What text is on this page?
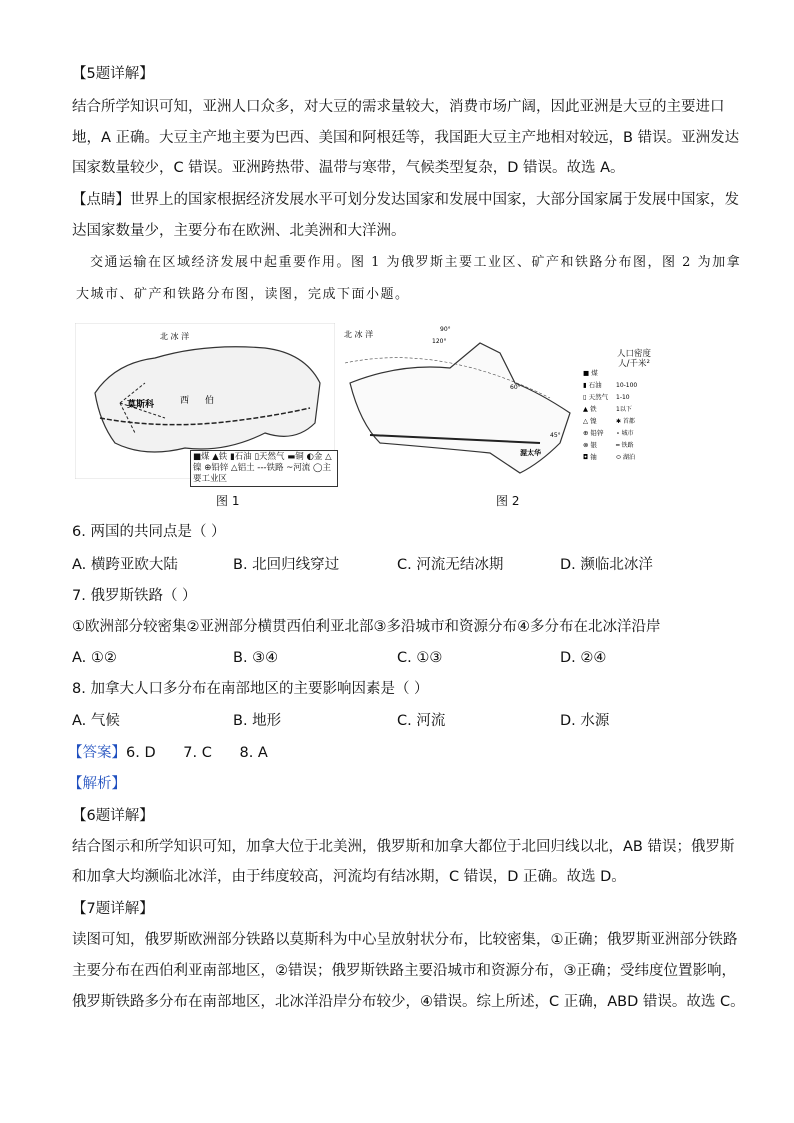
【5题详解】
结合所学知识可知，亚洲人口众多，对大豆的需求量较大，消费市场广阔，因此亚洲是大豆的主要进口
地，A 正确。大豆主产地主要为巴西、美国和阿根廷等，我国距大豆主产地相对较远，B 错误。亚洲发达
国家数量较少，C 错误。亚洲跨热带、温带与寒带，气候类型复杂，D 错误。故选 A。
【点睛】世界上的国家根据经济发展水平可划分发达国家和发展中国家，大部分国家属于发展中国家，发
达国家数量少，主要分布在欧洲、北美洲和大洋洲。
交通运输在区域经济发展中起重要作用。图 1 为俄罗斯主要工业区、矿产和铁路分布图，图 2 为加拿
大城市、矿产和铁路分布图，读图，完成下面小题。
北 冰 洋
莫斯科	西 伯
■煤 ▲铁 ▮石油 ▯天然气 ▬铜 ◐金 △镍 ⊕铅锌 △铝土 ---铁路 ~河流 ◯主要工业区
图 1
北 冰 洋
渥太华
60°
45°
90°
120°
■ 煤
▮ 石油
▯ 天然气
▲ 铁
△ 镍
⊕ 铅锌
⊗ 银
◘ 铀
10-100
1-10
1以下
✱ 首都
∘ 城市
━ 铁路
⬭ 湖泊
人口密度 人/千米²
图 2
6. 两国的共同点是（ ）
A. 横跨亚欧大陆	B. 北回归线穿过	C. 河流无结冰期	D. 濒临北冰洋
7. 俄罗斯铁路（ ）
①欧洲部分较密集②亚洲部分横贯西伯利亚北部③多沿城市和资源分布④多分布在北冰洋沿岸
A. ①②	B. ③④	C. ①③	D. ②④
8. 加拿大人口多分布在南部地区的主要影响因素是（ ）
A. 气候	B. 地形	C. 河流	D. 水源
【答案】6. D      7. C      8. A
【解析】
【6题详解】
结合图示和所学知识可知，加拿大位于北美洲，俄罗斯和加拿大都位于北回归线以北，AB 错误；俄罗斯
和加拿大均濒临北冰洋，由于纬度较高，河流均有结冰期，C 错误，D 正确。故选 D。
【7题详解】
读图可知，俄罗斯欧洲部分铁路以莫斯科为中心呈放射状分布，比较密集，①正确；俄罗斯亚洲部分铁路
主要分布在西伯利亚南部地区，②错误；俄罗斯铁路主要沿城市和资源分布，③正确；受纬度位置影响，
俄罗斯铁路多分布在南部地区，北冰洋沿岸分布较少，④错误。综上所述，C 正确，ABD 错误。故选 C。
